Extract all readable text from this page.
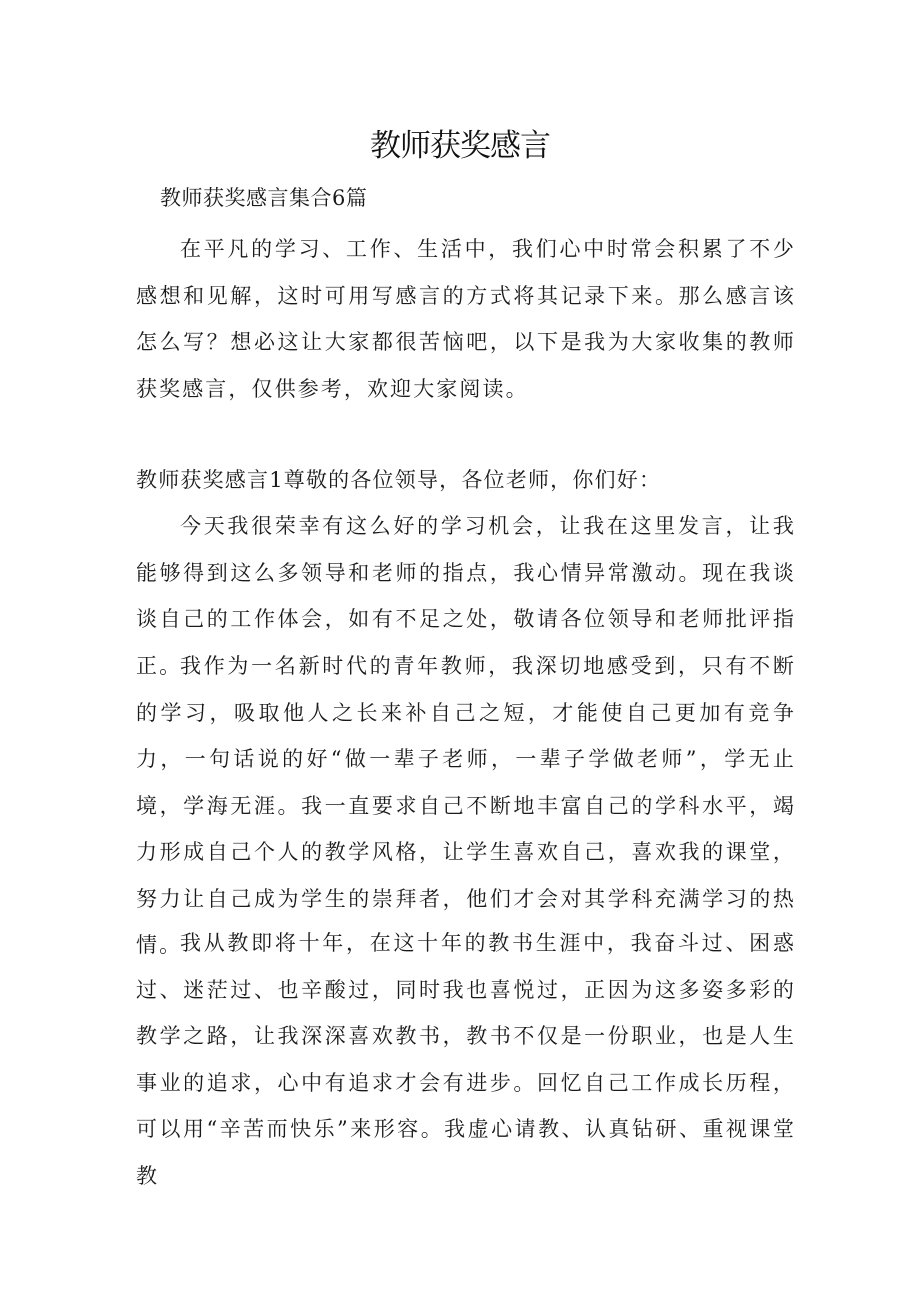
教师获奖感言
教师获奖感言集合6篇

在平凡的学习、工作、生活中，我们心中时常会积累了不少感想和见解，这时可用写感言的方式将其记录下来。那么感言该怎么写？想必这让大家都很苦恼吧，以下是我为大家收集的教师获奖感言，仅供参考，欢迎大家阅读。

教师获奖感言1尊敬的各位领导，各位老师，你们好：

今天我很荣幸有这么好的学习机会，让我在这里发言，让我能够得到这么多领导和老师的指点，我心情异常激动。现在我谈谈自己的工作体会，如有不足之处，敬请各位领导和老师批评指正。

我作为一名新时代的青年教师，我深切地感受到，只有不断的学习，吸取他人之长来补自己之短，才能使自己更加有竞争力，一句话说的好“做一辈子老师，一辈子学做老师”，学无止境，学海无涯。我一直要求自己不断地丰富自己的学科水平，竭力形成自己个人的教学风格，让学生喜欢自己，喜欢我的课堂，努力让自己成为学生的崇拜者，他们才会对其学科充满学习的热情。

我从教即将十年，在这十年的教书生涯中，我奋斗过、困惑过、迷茫过、也辛酸过，同时我也喜悦过，正因为这多姿多彩的教学之路，让我深深喜欢教书，教书不仅是一份职业，也是人生事业的追求，心中有追求才会有进步。回忆自己工作成长历程，可以用“辛苦而快乐”来形容。我虚心请教、认真钻研、重视课堂教
